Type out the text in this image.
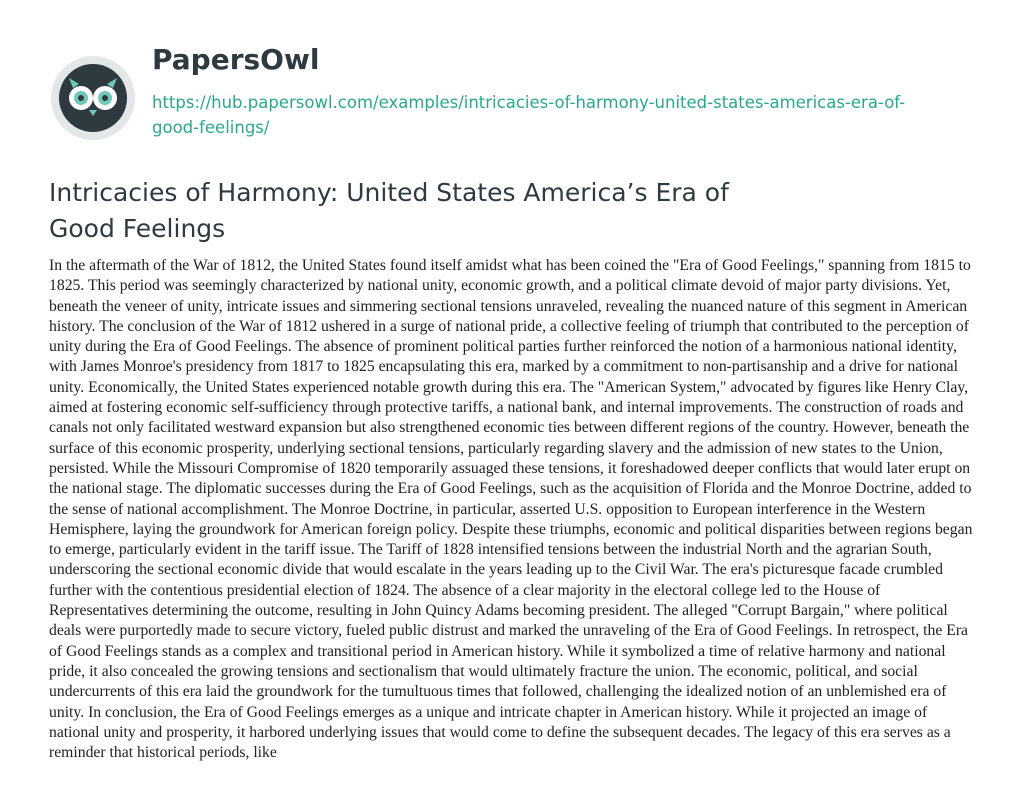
PapersOwl
https://hub.papersowl.com/examples/intricacies-of-harmony-united-states-americas-era-of-good-feelings/
Intricacies of Harmony: United States America’s Era of Good Feelings

In the aftermath of the War of 1812, the United States found itself amidst what has been coined the "Era of Good Feelings," spanning from 1815 to 1825. This period was seemingly characterized by national unity, economic growth, and a political climate devoid of major party divisions. Yet, beneath the veneer of unity, intricate issues and simmering sectional tensions unraveled, revealing the nuanced nature of this segment in American history. The conclusion of the War of 1812 ushered in a surge of national pride, a collective feeling of triumph that contributed to the perception of unity during the Era of Good Feelings. The absence of prominent political parties further reinforced the notion of a harmonious national identity, with James Monroe's presidency from 1817 to 1825 encapsulating this era, marked by a commitment to non-partisanship and a drive for national unity. Economically, the United States experienced notable growth during this era. The "American System," advocated by figures like Henry Clay, aimed at fostering economic self-sufficiency through protective tariffs, a national bank, and internal improvements. The construction of roads and canals not only facilitated westward expansion but also strengthened economic ties between different regions of the country. However, beneath the surface of this economic prosperity, underlying sectional tensions, particularly regarding slavery and the admission of new states to the Union, persisted. While the Missouri Compromise of 1820 temporarily assuaged these tensions, it foreshadowed deeper conflicts that would later erupt on the national stage. The diplomatic successes during the Era of Good Feelings, such as the acquisition of Florida and the Monroe Doctrine, added to the sense of national accomplishment. The Monroe Doctrine, in particular, asserted U.S. opposition to European interference in the Western Hemisphere, laying the groundwork for American foreign policy. Despite these triumphs, economic and political disparities between regions began to emerge, particularly evident in the tariff issue. The Tariff of 1828 intensified tensions between the industrial North and the agrarian South, underscoring the sectional economic divide that would escalate in the years leading up to the Civil War. The era's picturesque facade crumbled further with the contentious presidential election of 1824. The absence of a clear majority in the electoral college led to the House of Representatives determining the outcome, resulting in John Quincy Adams becoming president. The alleged "Corrupt Bargain," where political deals were purportedly made to secure victory, fueled public distrust and marked the unraveling of the Era of Good Feelings. In retrospect, the Era of Good Feelings stands as a complex and transitional period in American history. While it symbolized a time of relative harmony and national pride, it also concealed the growing tensions and sectionalism that would ultimately fracture the union. The economic, political, and social undercurrents of this era laid the groundwork for the tumultuous times that followed, challenging the idealized notion of an unblemished era of unity. In conclusion, the Era of Good Feelings emerges as a unique and intricate chapter in American history. While it projected an image of national unity and prosperity, it harbored underlying issues that would come to define the subsequent decades. The legacy of this era serves as a reminder that historical periods, like
